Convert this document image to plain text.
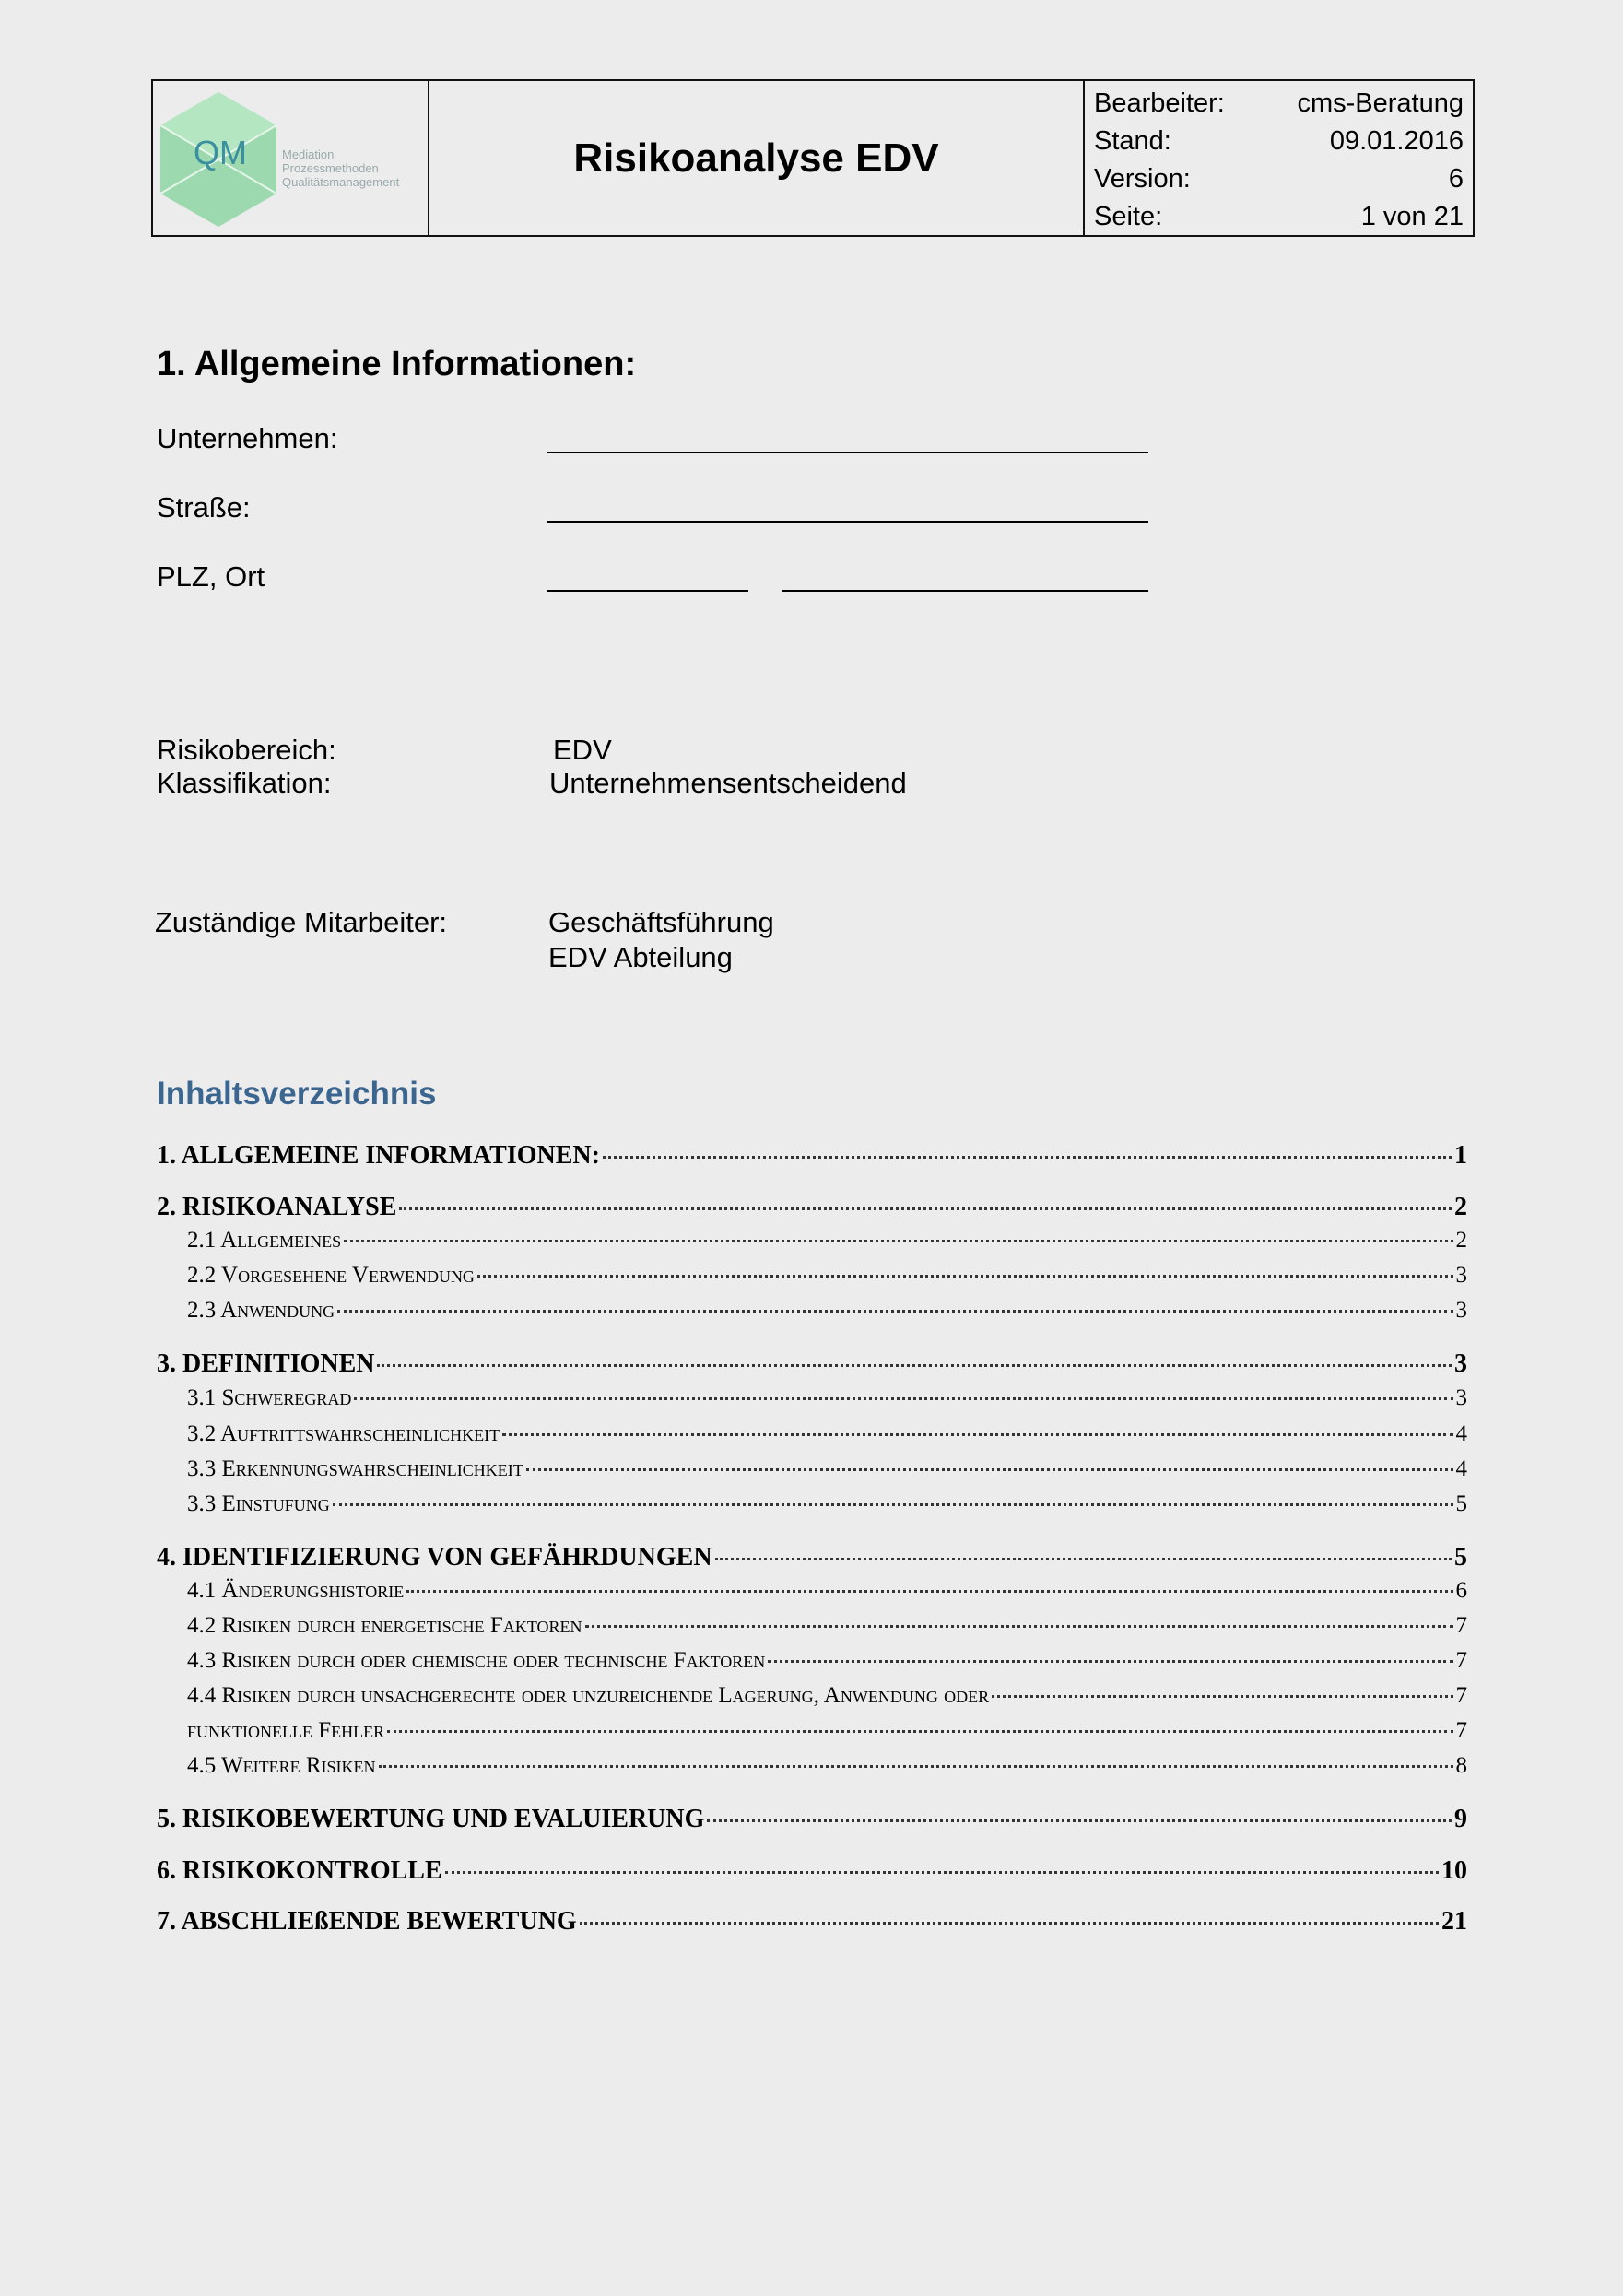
QM	Mediation
Prozessmethoden
Qualitätsmanagement
Risikoanalyse EDV
Bearbeiter:	cms-Beratung
Stand:	09.01.2016
Version:	6
Seite:	1 von 21
1. Allgemeine Informationen:
Unternehmen:
Straße:
PLZ, Ort
Risikobereich:	EDV
Klassifikation:	Unternehmensentscheidend
Zuständige Mitarbeiter:	Geschäftsführung
EDV Abteilung
Inhaltsverzeichnis
1. ALLGEMEINE INFORMATIONEN:	1
2. RISIKOANALYSE	2
2.1 Allgemeines	2
2.2 Vorgesehene Verwendung	3
2.3 Anwendung	3
3. DEFINITIONEN	3
3.1 Schweregrad	3
3.2 Auftrittswahrscheinlichkeit	4
3.3 Erkennungswahrscheinlichkeit	4
3.3 Einstufung	5
4. IDENTIFIZIERUNG VON GEFÄHRDUNGEN	5
4.1 Änderungshistorie	6
4.2 Risiken durch energetische Faktoren	7
4.3 Risiken durch oder chemische oder technische Faktoren	7
4.4 Risiken durch unsachgerechte oder unzureichende Lagerung, Anwendung oder	7
funktionelle Fehler	7
4.5 Weitere Risiken	8
5. RISIKOBEWERTUNG UND EVALUIERUNG	9
6. RISIKOKONTROLLE	10
7. ABSCHLIEßENDE BEWERTUNG	21
